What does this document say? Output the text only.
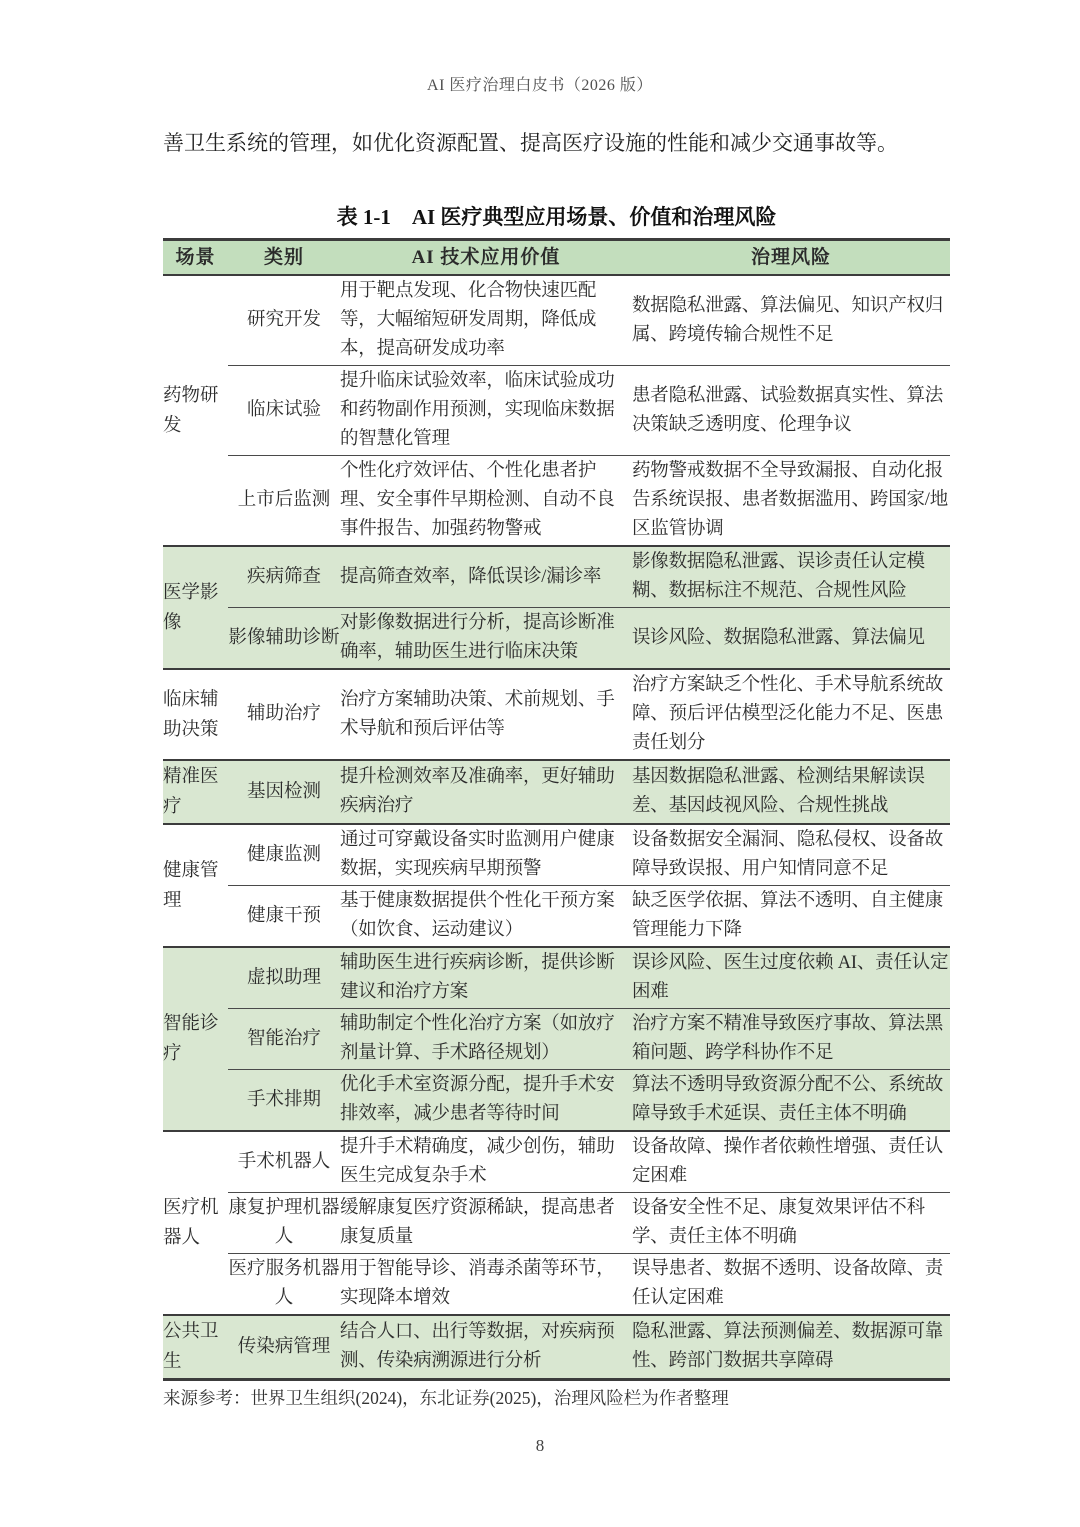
AI 医疗治理白皮书（2026 版）

善卫生系统的管理，如优化资源配置、提高医疗设施的性能和减少交通事故等。

表 1-1　AI 医疗典型应用场景、价值和治理风险
场景	类别	AI 技术应用价值	治理风险
药物研发	研究开发	用于靶点发现、化合物快速匹配等，大幅缩短研发周期，降低成本，提高研发成功率	数据隐私泄露、算法偏见、知识产权归属、跨境传输合规性不足
	临床试验	提升临床试验效率，临床试验成功和药物副作用预测，实现临床数据的智慧化管理	患者隐私泄露、试验数据真实性、算法决策缺乏透明度、伦理争议
	上市后监测	个性化疗效评估、个性化患者护理、安全事件早期检测、自动不良事件报告、加强药物警戒	药物警戒数据不全导致漏报、自动化报告系统误报、患者数据滥用、跨国家/地区监管协调
医学影像	疾病筛查	提高筛查效率，降低误诊/漏诊率	影像数据隐私泄露、误诊责任认定模糊、数据标注不规范、合规性风险
	影像辅助诊断	对影像数据进行分析，提高诊断准确率，辅助医生进行临床决策	误诊风险、数据隐私泄露、算法偏见
临床辅助决策	辅助治疗	治疗方案辅助决策、术前规划、手术导航和预后评估等	治疗方案缺乏个性化、手术导航系统故障、预后评估模型泛化能力不足、医患责任划分
精准医疗	基因检测	提升检测效率及准确率，更好辅助疾病治疗	基因数据隐私泄露、检测结果解读误差、基因歧视风险、合规性挑战
健康管理	健康监测	通过可穿戴设备实时监测用户健康数据，实现疾病早期预警	设备数据安全漏洞、隐私侵权、设备故障导致误报、用户知情同意不足
	健康干预	基于健康数据提供个性化干预方案（如饮食、运动建议）	缺乏医学依据、算法不透明、自主健康管理能力下降
智能诊疗	虚拟助理	辅助医生进行疾病诊断，提供诊断建议和治疗方案	误诊风险、医生过度依赖 AI、责任认定困难
	智能治疗	辅助制定个性化治疗方案（如放疗剂量计算、手术路径规划）	治疗方案不精准导致医疗事故、算法黑箱问题、跨学科协作不足
	手术排期	优化手术室资源分配，提升手术安排效率，减少患者等待时间	算法不透明导致资源分配不公、系统故障导致手术延误、责任主体不明确
医疗机器人	手术机器人	提升手术精确度，减少创伤，辅助医生完成复杂手术	设备故障、操作者依赖性增强、责任认定困难
	康复护理机器人	缓解康复医疗资源稀缺，提高患者康复质量	设备安全性不足、康复效果评估不科学、责任主体不明确
	医疗服务机器人	用于智能导诊、消毒杀菌等环节，实现降本增效	误导患者、数据不透明、设备故障、责任认定困难
公共卫生	传染病管理	结合人口、出行等数据，对疾病预测、传染病溯源进行分析	隐私泄露、算法预测偏差、数据源可靠性、跨部门数据共享障碍
来源参考：世界卫生组织(2024)，东北证券(2025)，治理风险栏为作者整理
8
